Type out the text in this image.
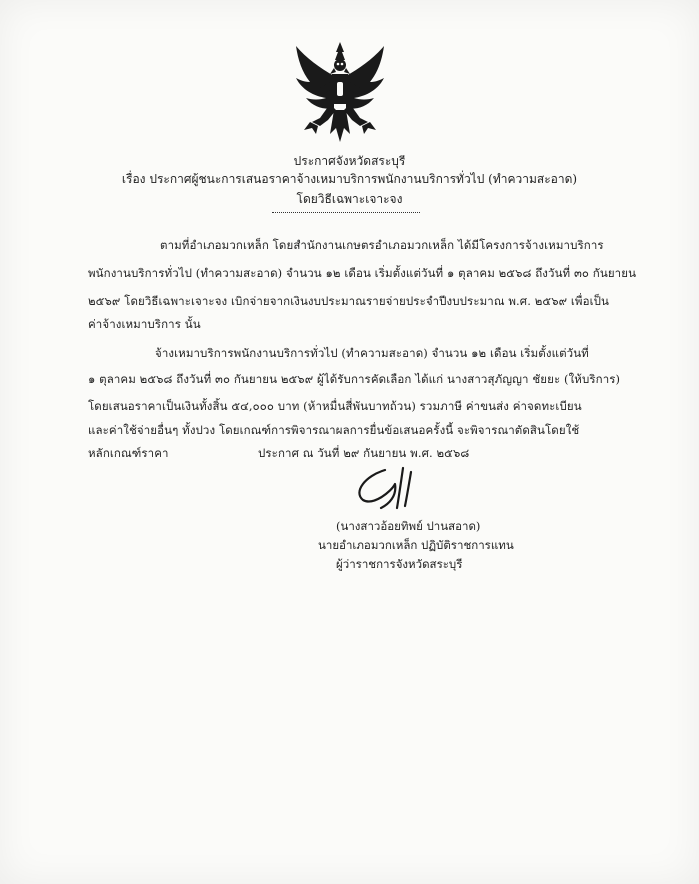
ประกาศจังหวัดสระบุรี
เรื่อง ประกาศผู้ชนะการเสนอราคาจ้างเหมาบริการพนักงานบริการทั่วไป (ทำความสะอาด)
โดยวิธีเฉพาะเจาะจง
ตามที่อำเภอมวกเหล็ก โดยสำนักงานเกษตรอำเภอมวกเหล็ก ได้มีโครงการจ้างเหมาบริการ
พนักงานบริการทั่วไป (ทำความสะอาด) จำนวน ๑๒ เดือน เริ่มตั้งแต่วันที่ ๑ ตุลาคม ๒๕๖๘ ถึงวันที่ ๓๐ กันยายน
๒๕๖๙ โดยวิธีเฉพาะเจาะจง เบิกจ่ายจากเงินงบประมาณรายจ่ายประจำปีงบประมาณ พ.ศ. ๒๕๖๙ เพื่อเป็น
ค่าจ้างเหมาบริการ นั้น
จ้างเหมาบริการพนักงานบริการทั่วไป (ทำความสะอาด) จำนวน ๑๒ เดือน เริ่มตั้งแต่วันที่
๑ ตุลาคม ๒๕๖๘ ถึงวันที่ ๓๐ กันยายน ๒๕๖๙ ผู้ได้รับการคัดเลือก ได้แก่ นางสาวสุภัญญา ชัยยะ (ให้บริการ)
โดยเสนอราคาเป็นเงินทั้งสิ้น ๕๔,๐๐๐ บาท (ห้าหมื่นสี่พันบาทถ้วน) รวมภาษี ค่าขนส่ง ค่าจดทะเบียน
และค่าใช้จ่ายอื่นๆ ทั้งปวง โดยเกณฑ์การพิจารณาผลการยื่นข้อเสนอครั้งนี้ จะพิจารณาตัดสินโดยใช้
หลักเกณฑ์ราคา	ประกาศ ณ วันที่ ๒๙ กันยายน พ.ศ. ๒๕๖๘
(นางสาวอ้อยทิพย์ ปานสอาด)
นายอำเภอมวกเหล็ก ปฏิบัติราชการแทน
ผู้ว่าราชการจังหวัดสระบุรี
